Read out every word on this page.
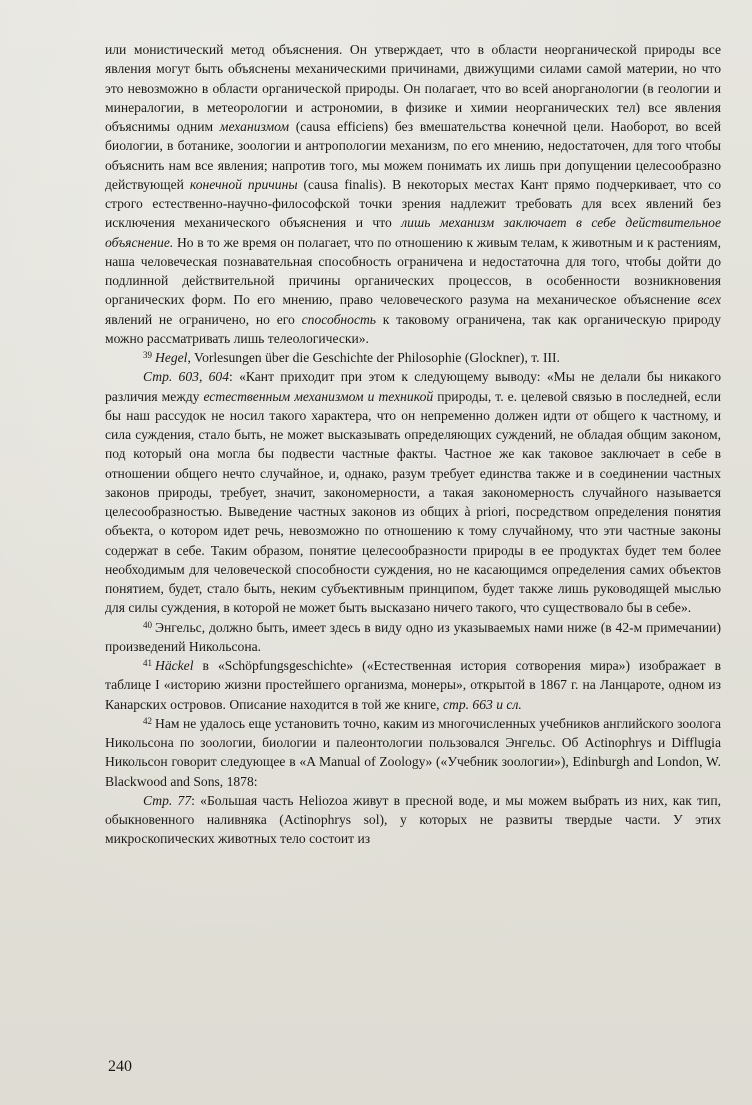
или монистический метод объяснения. Он утверждает, что в области неорганической природы все явления могут быть объяснены механическими причинами, движущими силами самой материи, но что это невозможно в области органической природы. Он полагает, что во всей анорганологии (в геологии и минералогии, в метеорологии и астрономии, в физике и химии неорганических тел) все явления объяснимы одним механизмом (causa efficiens) без вмешательства конечной цели. Наоборот, во всей биологии, в ботанике, зоологии и антропологии механизм, по его мнению, недостаточен, для того чтобы объяснить нам все явления; напротив того, мы можем понимать их лишь при допущении целесообразно действующей конечной причины (causa finalis). В некоторых местах Кант прямо подчеркивает, что со строго естественно-научно-философской точки зрения надлежит требовать для всех явлений без исключения механического объяснения и что лишь механизм заключает в себе действительное объяснение. Но в то же время он полагает, что по отношению к живым телам, к животным и к растениям, наша человеческая познавательная способность ограничена и недостаточна для того, чтобы дойти до подлинной действительной причины органических процессов, в особенности возникновения органических форм. По его мнению, право человеческого разума на механическое объяснение всех явлений не ограничено, но его способность к таковому ограничена, так как органическую природу можно рассматривать лишь телеологически».

$^{39}$ Hegel, Vorlesungen über die Geschichte der Philosophie (Glockner), т. III.

Стр. 603, 604: «Кант приходит при этом к следующему выводу: «Мы не делали бы никакого различия между естественным механизмом и техникой природы, т. е. целевой связью в последней, если бы наш рассудок не носил такого характера, что он непременно должен идти от общего к частному, и сила суждения, стало быть, не может высказывать определяющих суждений, не обладая общим законом, под который она могла бы подвести частные факты. Частное же как таковое заключает в себе в отношении общего нечто случайное, и, однако, разум требует единства также и в соединении частных законов природы, требует, значит, закономерности, а такая закономерность случайного называется целесообразностью. Выведение частных законов из общих à priori, посредством определения понятия объекта, о котором идет речь, невозможно по отношению к тому случайному, что эти частные законы содержат в себе. Таким образом, понятие целесообразности природы в ее продуктах будет тем более необходимым для человеческой способности суждения, но не касающимся определения самих объектов понятием, будет, стало быть, неким субъективным принципом, будет также лишь руководящей мыслью для силы суждения, в которой не может быть высказано ничего такого, что существовало бы в себе».

$^{40}$ Энгельс, должно быть, имеет здесь в виду одно из указываемых нами ниже (в 42-м примечании) произведений Никольсона.

$^{41}$ Häckel в «Schöpfungsgeschichte» («Естественная история сотворения мира») изображает в таблице I «историю жизни простейшего организма, монеры», открытой в 1867 г. на Ланцароте, одном из Канарских островов. Описание находится в той же книге, стр. 663 и сл.

$^{42}$ Нам не удалось еще установить точно, каким из многочисленных учебников английского зоолога Никольсона по зоологии, биологии и палеонтологии пользовался Энгельс. Об Actinophrys и Difflugia Никольсон говорит следующее в «A Manual of Zoology» («Учебник зоологии»), Edinburgh and London, W. Blackwood and Sons, 1878:

Стр. 77: «Большая часть Heliozoa живут в пресной воде, и мы можем выбрать из них, как тип, обыкновенного наливняка (Actinophrys sol), у которых не развиты твердые части. У этих микроскопических животных тело состоит из

240
